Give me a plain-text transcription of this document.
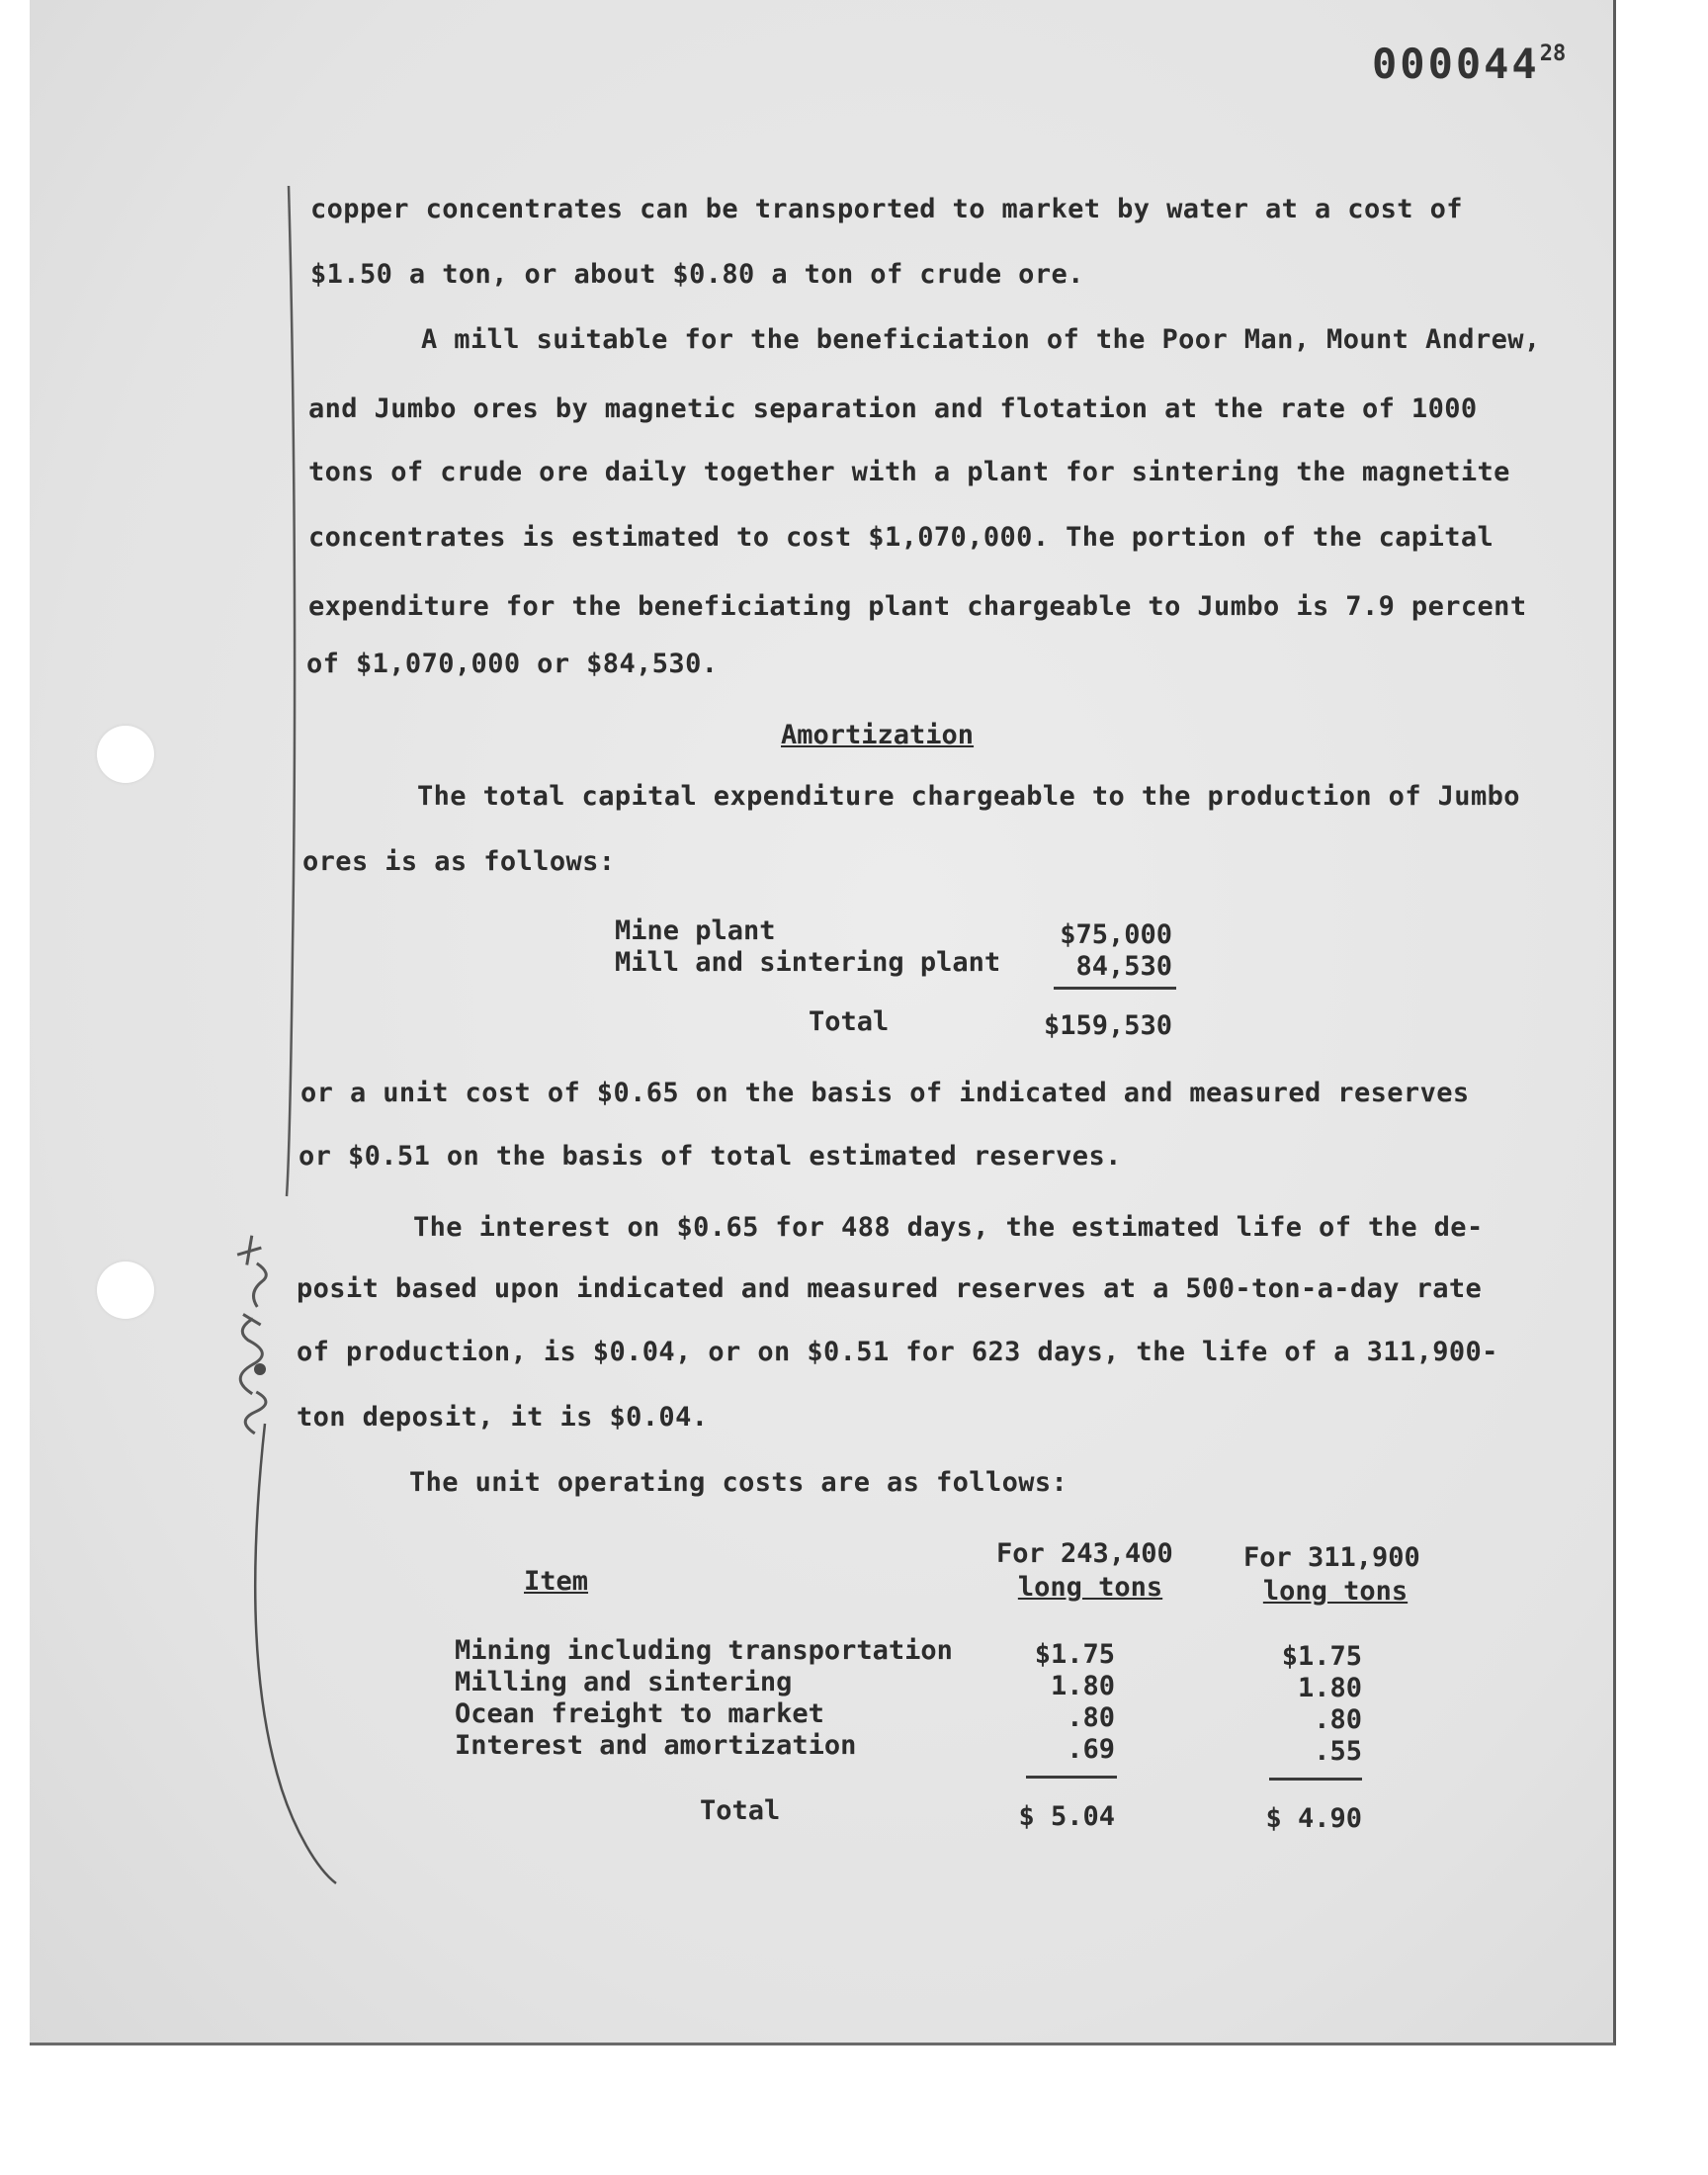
000044$^{28}$
copper concentrates can be transported to market by water at a cost of
$1.50 a ton, or about $0.80 a ton of crude ore.
A mill suitable for the beneficiation of the Poor Man, Mount Andrew,
and Jumbo ores by magnetic separation and flotation at the rate of 1000
tons of crude ore daily together with a plant for sintering the magnetite
concentrates is estimated to cost $1,070,000. The portion of the capital
expenditure for the beneficiating plant chargeable to Jumbo is 7.9 percent
of $1,070,000 or $84,530.
Amortization
The total capital expenditure chargeable to the production of Jumbo
ores is as follows:
Mine plant	$75,000
Mill and sintering plant	84,530
Total	$159,530
or a unit cost of $0.65 on the basis of indicated and measured reserves
or $0.51 on the basis of total estimated reserves.
The interest on $0.65 for 488 days, the estimated life of the de-
posit based upon indicated and measured reserves at a 500-ton-a-day rate
of production, is $0.04, or on $0.51 for 623 days, the life of a 311,900-
ton deposit, it is $0.04.
The unit operating costs are as follows:
Item
For 243,400
long tons
For 311,900
long tons
Mining including transportation	$1.75	$1.75
Milling and sintering	1.80	1.80
Ocean freight to market	.80	.80
Interest and amortization	.69	.55
Total	$ 5.04	$ 4.90
